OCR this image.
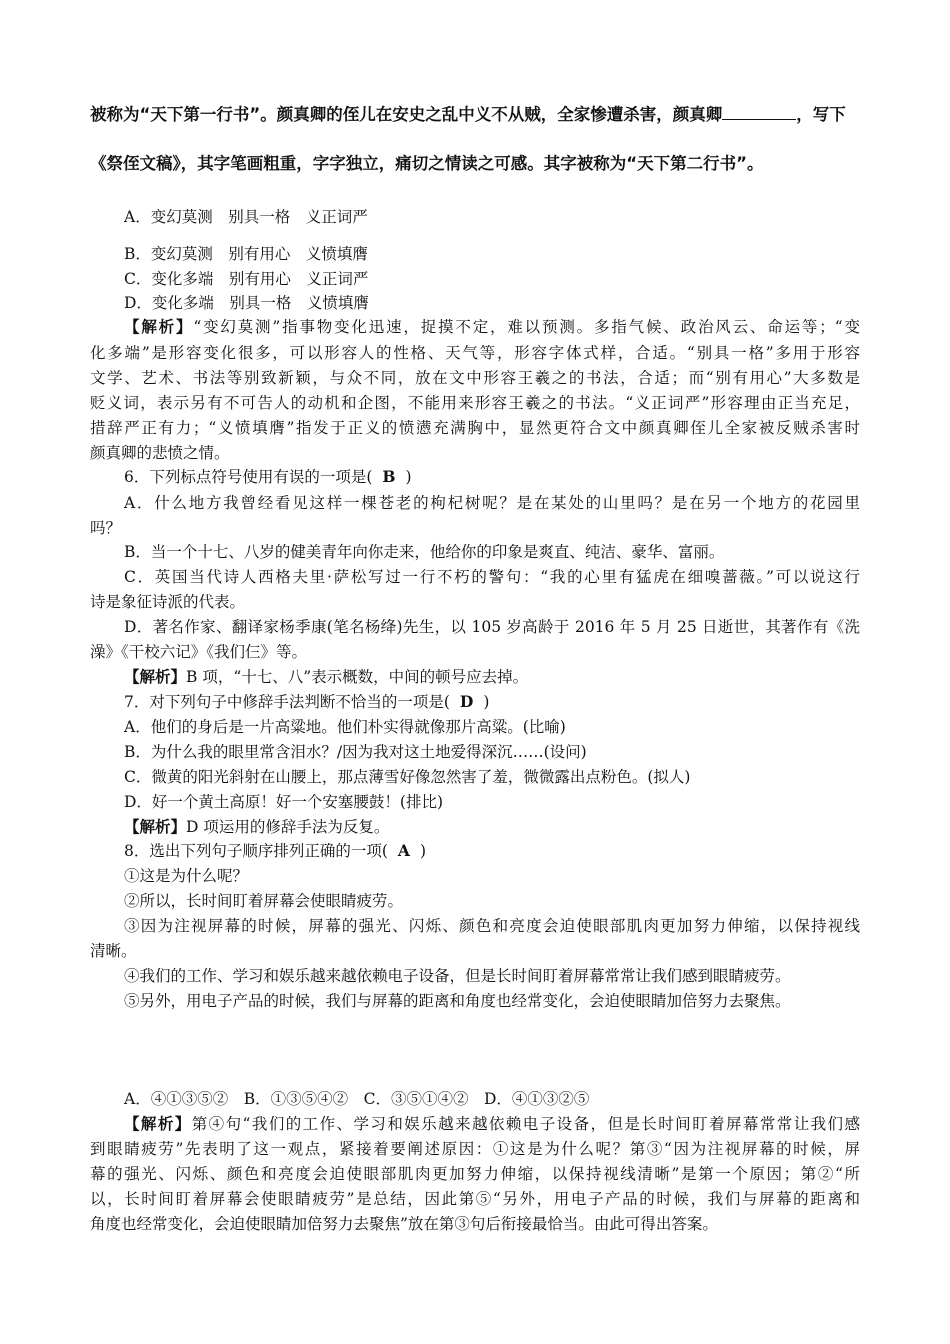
被称为“天下第一行书”。颜真卿的侄儿在安史之乱中义不从贼，全家惨遭杀害，颜真卿	，写下
《祭侄文稿》，其字笔画粗重，字字独立，痛切之情读之可感。其字被称为“天下第二行书”。
A．变幻莫测　别具一格　义正词严
B．变幻莫测　别有用心　义愤填膺
C．变化多端　别有用心　义正词严
D．变化多端　别具一格　义愤填膺
【解析】“变幻莫测”指事物变化迅速，捉摸不定，难以预测。多指气候、政治风云、命运等；“变
化多端”是形容变化很多，可以形容人的性格、天气等，形容字体式样，合适。“别具一格”多用于形容
文学、艺术、书法等别致新颖，与众不同，放在文中形容王羲之的书法，合适；而“别有用心”大多数是
贬义词，表示另有不可告人的动机和企图，不能用来形容王羲之的书法。“义正词严”形容理由正当充足，
措辞严正有力；“义愤填膺”指发于正义的愤懑充满胸中，显然更符合文中颜真卿侄儿全家被反贼杀害时
颜真卿的悲愤之情。
6．下列标点符号使用有误的一项是( B )
A．什么地方我曾经看见这样一棵苍老的枸杞树呢？是在某处的山里吗？是在另一个地方的花园里
吗？
B．当一个十七、八岁的健美青年向你走来，他给你的印象是爽直、纯洁、豪华、富丽。
C．英国当代诗人西格夫里·萨松写过一行不朽的警句：“我的心里有猛虎在细嗅蔷薇。”可以说这行
诗是象征诗派的代表。
D．著名作家、翻译家杨季康(笔名杨绛)先生，以 105 岁高龄于 2016 年 5 月 25 日逝世，其著作有《洗
澡》《干校六记》《我们仨》等。
【解析】B 项，“十七、八”表示概数，中间的顿号应去掉。
7．对下列句子中修辞手法判断不恰当的一项是( D )
A．他们的身后是一片高粱地。他们朴实得就像那片高粱。(比喻)
B．为什么我的眼里常含泪水？/因为我对这土地爱得深沉……(设问)
C．微黄的阳光斜射在山腰上，那点薄雪好像忽然害了羞，微微露出点粉色。(拟人)
D．好一个黄土高原！好一个安塞腰鼓！(排比)
【解析】D 项运用的修辞手法为反复。
8．选出下列句子顺序排列正确的一项( A )
①这是为什么呢？
②所以，长时间盯着屏幕会使眼睛疲劳。
③因为注视屏幕的时候，屏幕的强光、闪烁、颜色和亮度会迫使眼部肌肉更加努力伸缩，以保持视线
清晰。
④我们的工作、学习和娱乐越来越依赖电子设备，但是长时间盯着屏幕常常让我们感到眼睛疲劳。
⑤另外，用电子产品的时候，我们与屏幕的距离和角度也经常变化，会迫使眼睛加倍努力去聚焦。
A．④①③⑤②　B．①③⑤④②　C．③⑤①④②　D．④①③②⑤
【解析】第④句“我们的工作、学习和娱乐越来越依赖电子设备，但是长时间盯着屏幕常常让我们感
到眼睛疲劳”先表明了这一观点，紧接着要阐述原因：①这是为什么呢？第③“因为注视屏幕的时候，屏
幕的强光、闪烁、颜色和亮度会迫使眼部肌肉更加努力伸缩，以保持视线清晰”是第一个原因；第②“所
以，长时间盯着屏幕会使眼睛疲劳”是总结，因此第⑤“另外，用电子产品的时候，我们与屏幕的距离和
角度也经常变化，会迫使眼睛加倍努力去聚焦”放在第③句后衔接最恰当。由此可得出答案。
